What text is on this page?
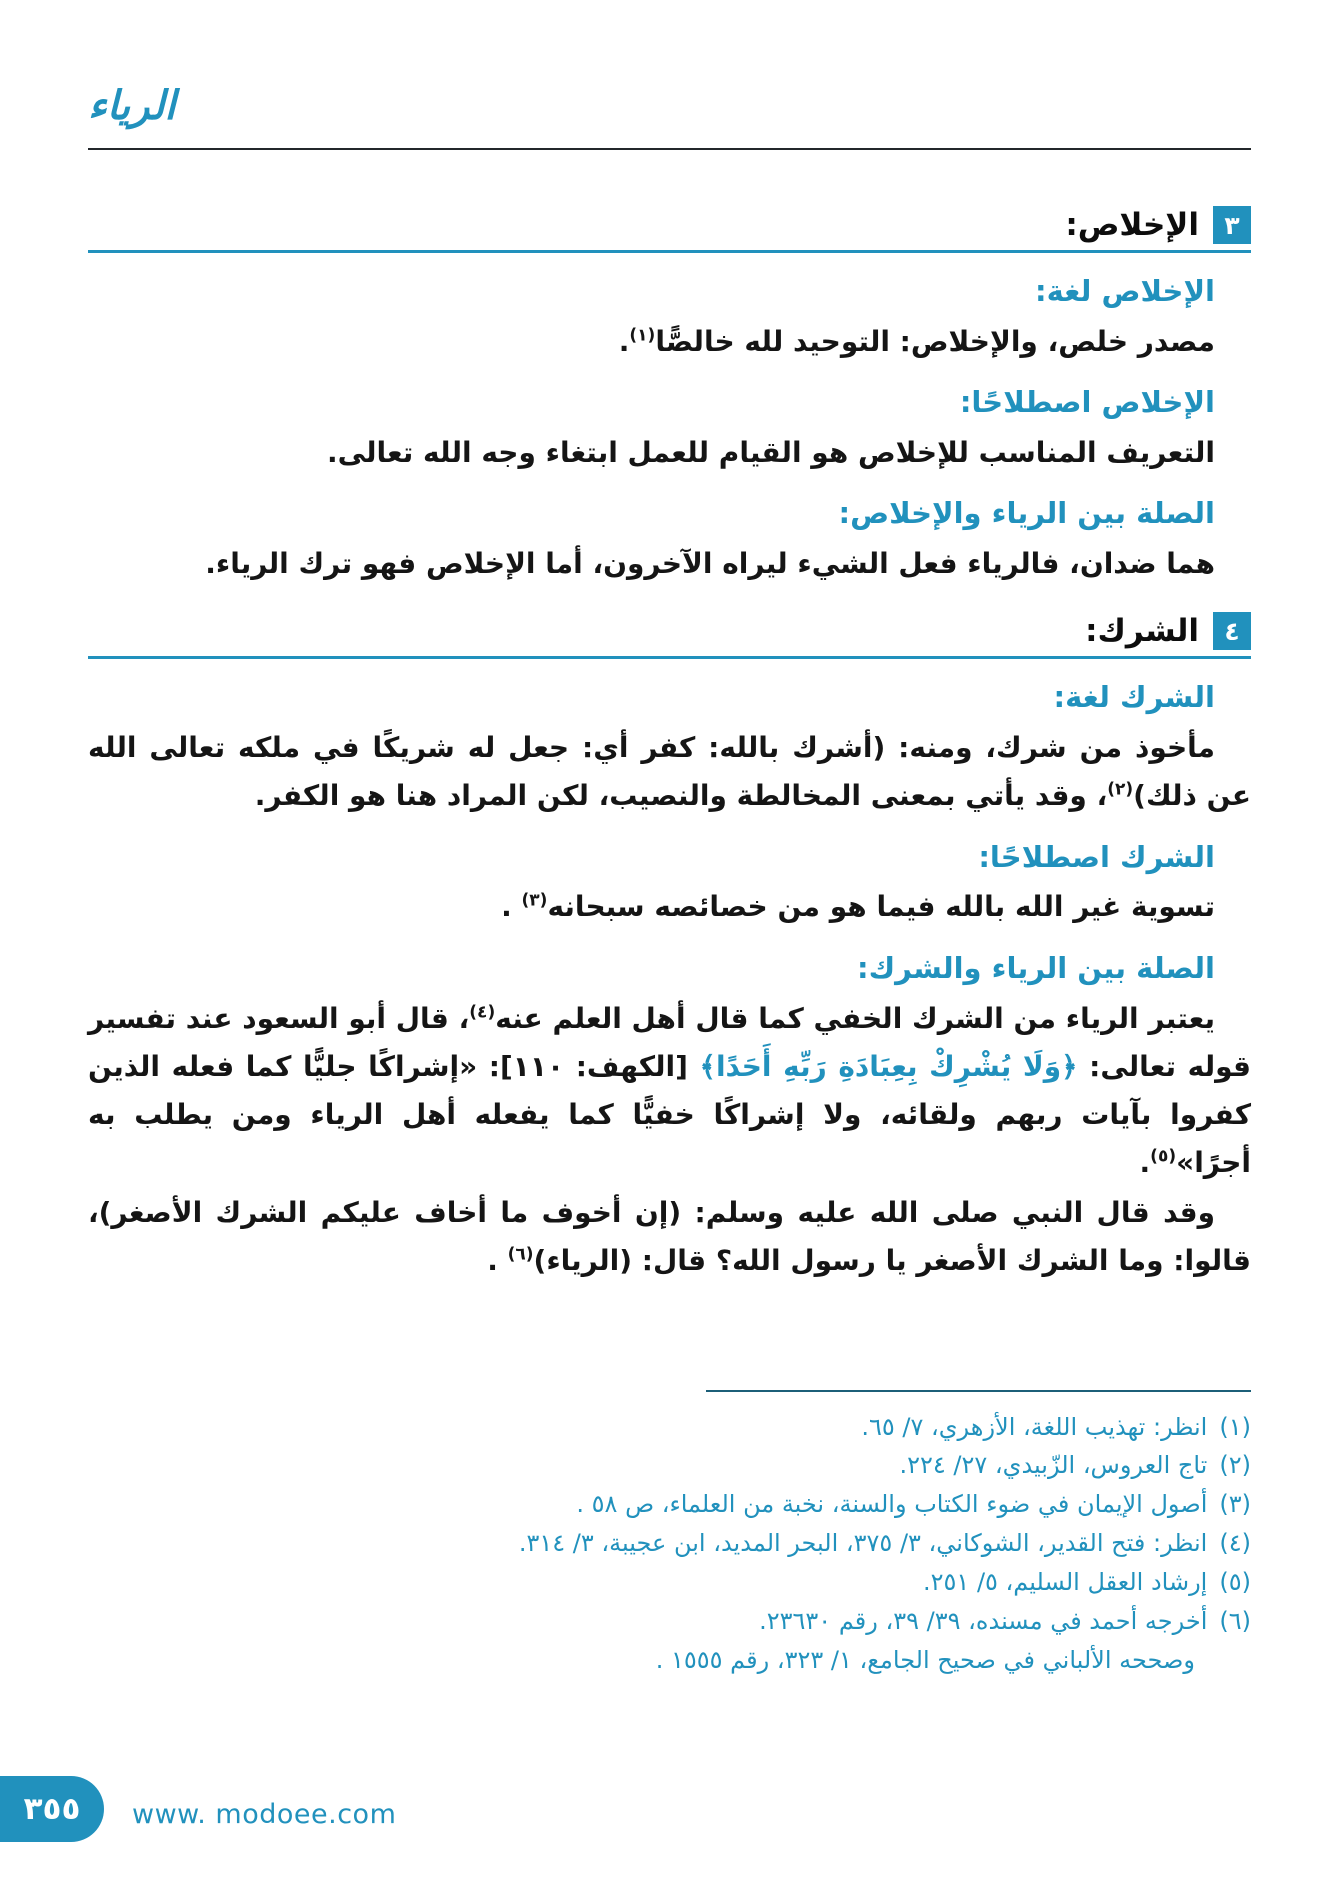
الرياء
٣
الإخلاص:
الإخلاص لغة:
مصدر خلص، والإخلاص: التوحيد لله خالصًّا$^{(١)}$.
الإخلاص اصطلاحًا:
التعريف المناسب للإخلاص هو القيام للعمل ابتغاء وجه الله تعالى.
الصلة بين الرياء والإخلاص:
هما ضدان، فالرياء فعل الشيء ليراه الآخرون، أما الإخلاص فهو ترك الرياء.
٤
الشرك:
الشرك لغة:
مأخوذ من شرك، ومنه: (أشرك بالله: كفر أي: جعل له شريكًا في ملكه تعالى الله عن ذلك)$^{(٢)}$، وقد يأتي بمعنى المخالطة والنصيب، لكن المراد هنا هو الكفر.
الشرك اصطلاحًا:
تسوية غير الله بالله فيما هو من خصائصه سبحانه$^{(٣)}$ .
الصلة بين الرياء والشرك:
يعتبر الرياء من الشرك الخفي كما قال أهل العلم عنه$^{(٤)}$، قال أبو السعود عند تفسير قوله تعالى: ﴿وَلَا يُشْرِكْ بِعِبَادَةِ رَبِّهِ أَحَدًا﴾ [الكهف: ١١٠]: «إشراكًا جليًّا كما فعله الذين كفروا بآيات ربهم ولقائه، ولا إشراكًا خفيًّا كما يفعله أهل الرياء ومن يطلب به أجرًا»$^{(٥)}$.
وقد قال النبي صلى الله عليه وسلم: (إن أخوف ما أخاف عليكم الشرك الأصغر)، قالوا: وما الشرك الأصغر يا رسول الله؟ قال: (الرياء)$^{(٦)}$ .
(١)انظر: تهذيب اللغة، الأزهري، ٧/ ٦٥.
(٢)تاج العروس، الزّبيدي، ٢٧/ ٢٢٤.
(٣)أصول الإيمان في ضوء الكتاب والسنة، نخبة من العلماء، ص ٥٨ .
(٤)انظر: فتح القدير، الشوكاني، ٣/ ٣٧٥، البحر المديد، ابن عجيبة، ٣/ ٣١٤.
(٥)إرشاد العقل السليم، ٥/ ٢٥١.
(٦)أخرجه أحمد في مسنده، ٣٩/ ٣٩، رقم ٢٣٦٣٠.
وصححه الألباني في صحيح الجامع، ١/ ٣٢٣، رقم ١٥٥٥ .
٣٥٥ www. modoee.com
